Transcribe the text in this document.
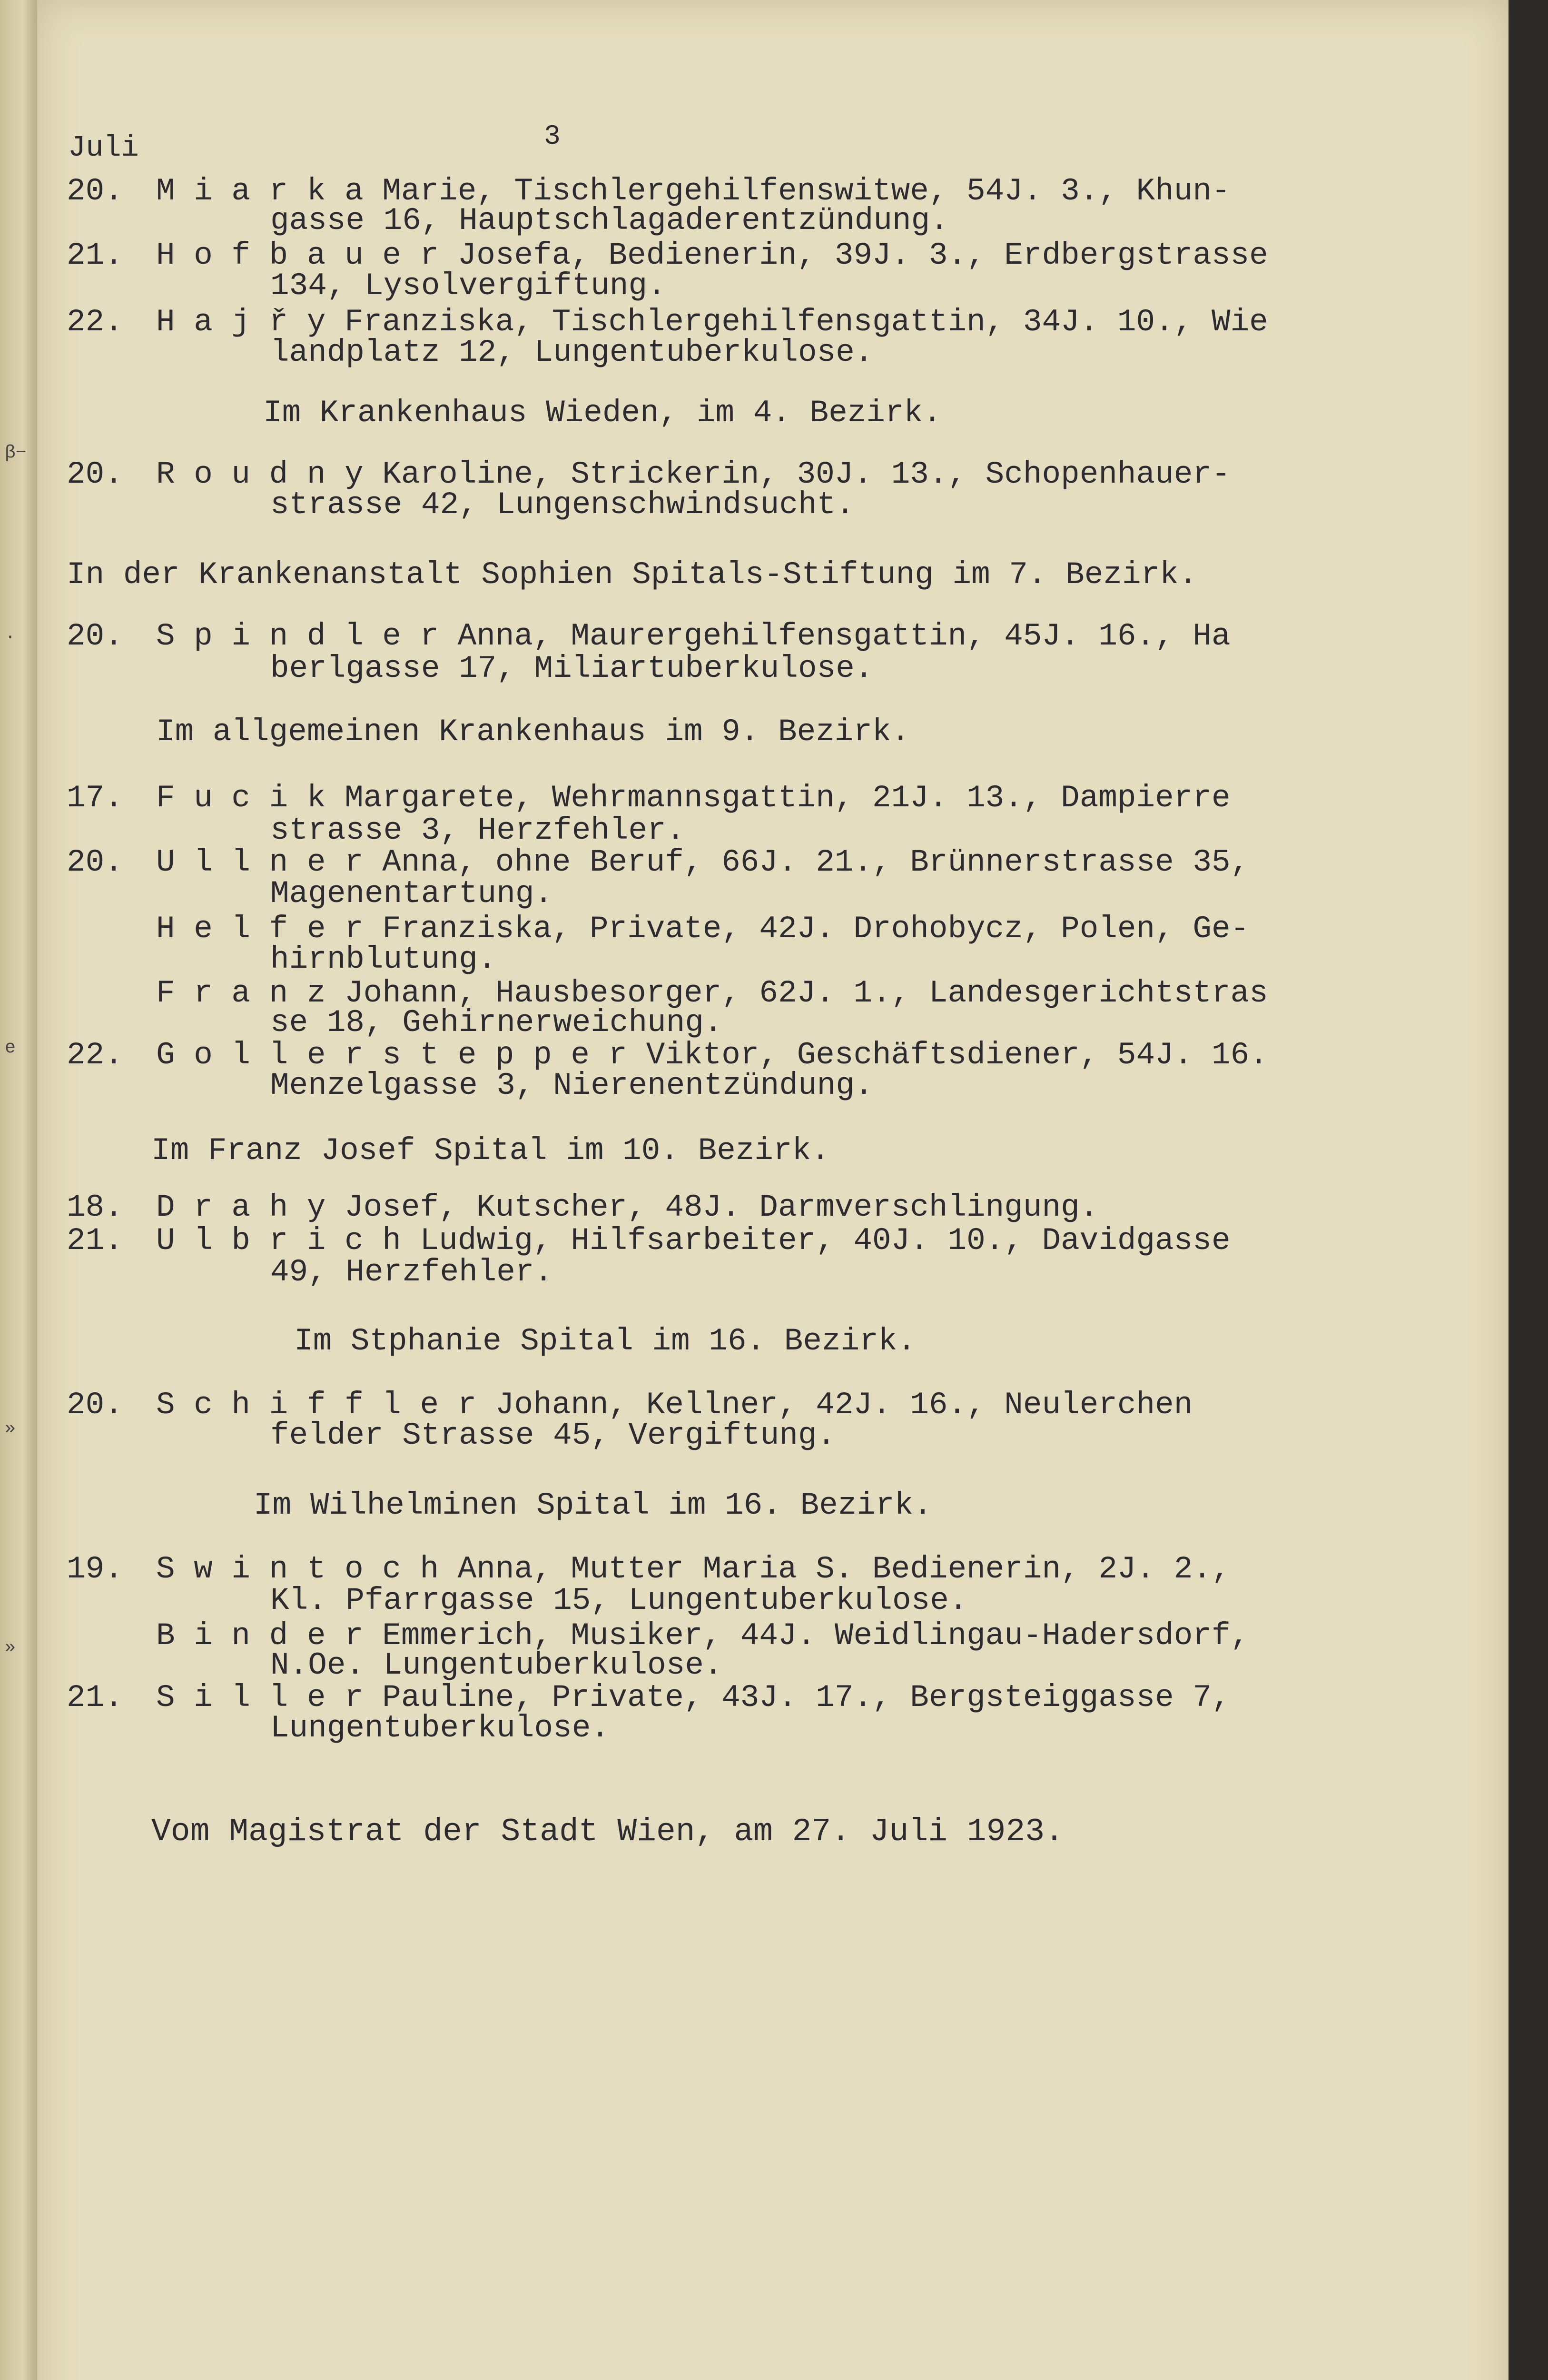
β−
.
e
»
»
3
Juli

20.

M i a r k a Marie, Tischlergehilfenswitwe, 54J. 3., Khun-

gasse 16, Hauptschlagaderentzündung.

21.

H o f b a u e r Josefa, Bedienerin, 39J. 3., Erdbergstrasse

134, Lysolvergiftung.

22.

H a j ř y Franziska, Tischlergehilfensgattin, 34J. 10., Wie

landplatz 12, Lungentuberkulose.

Im Krankenhaus Wieden, im 4. Bezirk.

20.

R o u d n y Karoline, Strickerin, 30J. 13., Schopenhauer-

strasse 42, Lungenschwindsucht.

In der Krankenanstalt Sophien Spitals-Stiftung im 7. Bezirk.

20.

S p i n d l e r Anna, Maurergehilfensgattin, 45J. 16., Ha

berlgasse 17, Miliartuberkulose.

Im allgemeinen Krankenhaus im 9. Bezirk.

17.

F u c i k Margarete, Wehrmannsgattin, 21J. 13., Dampierre

strasse 3, Herzfehler.

20.

U l l n e r Anna, ohne Beruf, 66J. 21., Brünnerstrasse 35,

Magenentartung.

H e l f e r Franziska, Private, 42J. Drohobycz, Polen, Ge-

hirnblutung.

F r a n z Johann, Hausbesorger, 62J. 1., Landesgerichtstras

se 18, Gehirnerweichung.

22.

G o l l e r s t e p p e r Viktor, Geschäftsdiener, 54J. 16.

Menzelgasse 3, Nierenentzündung.

Im Franz Josef Spital im 10. Bezirk.

18.

D r a h y Josef, Kutscher, 48J. Darmverschlingung.

21.

U l b r i c h Ludwig, Hilfsarbeiter, 40J. 10., Davidgasse

49, Herzfehler.

Im Stphanie Spital im 16. Bezirk.

20.

S c h i f f l e r Johann, Kellner, 42J. 16., Neulerchen

felder Strasse 45, Vergiftung.

Im Wilhelminen Spital im 16. Bezirk.

19.

S w i n t o c h Anna, Mutter Maria S. Bedienerin, 2J. 2.,

Kl. Pfarrgasse 15, Lungentuberkulose.

B i n d e r Emmerich, Musiker, 44J. Weidlingau-Hadersdorf,

N.Oe. Lungentuberkulose.

21.

S i l l e r Pauline, Private, 43J. 17., Bergsteiggasse 7,

Lungentuberkulose.

Vom Magistrat der Stadt Wien, am 27. Juli 1923.
